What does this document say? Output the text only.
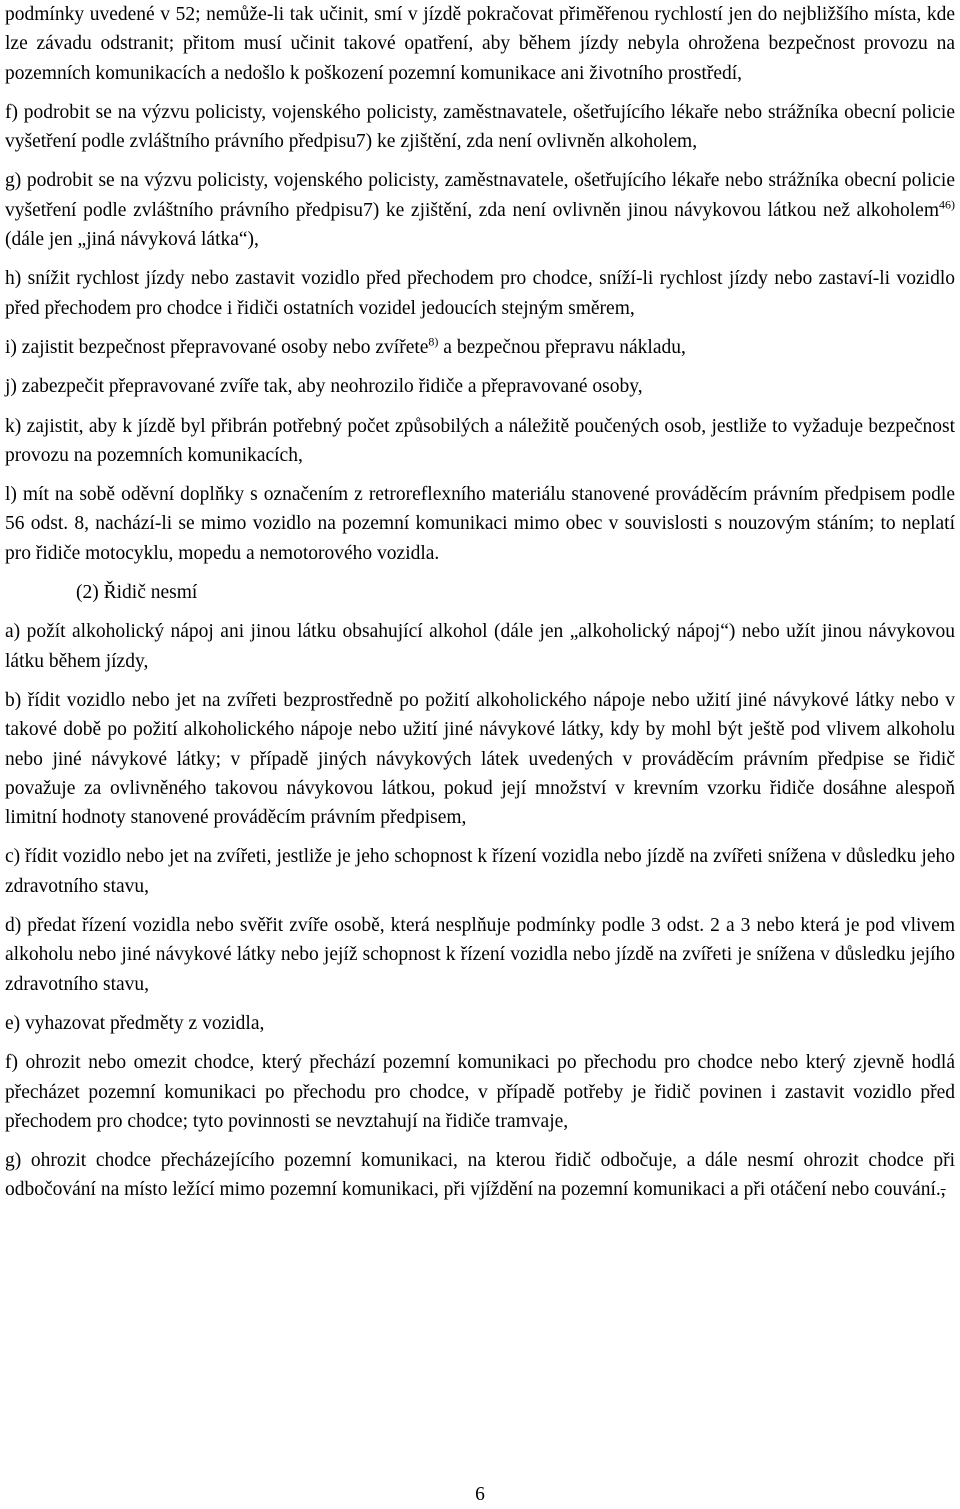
podmínky uvedené v 52; nemůže-li tak učinit, smí v jízdě pokračovat přiměřenou rychlostí jen do nejbližšího místa, kde lze závadu odstranit; přitom musí učinit takové opatření, aby během jízdy nebyla ohrožena bezpečnost provozu na pozemních komunikacích a nedošlo k poškození pozemní komunikace ani životního prostředí,

f) podrobit se na výzvu policisty, vojenského policisty, zaměstnavatele, ošetřujícího lékaře nebo strážníka obecní policie vyšetření podle zvláštního právního předpisu7) ke zjištění, zda není ovlivněn alkoholem,

g) podrobit se na výzvu policisty, vojenského policisty, zaměstnavatele, ošetřujícího lékaře nebo strážníka obecní policie vyšetření podle zvláštního právního předpisu7) ke zjištění, zda není ovlivněn jinou návykovou látkou než alkoholem$^{46)}$ (dále jen „jiná návyková látka“),

h) snížit rychlost jízdy nebo zastavit vozidlo před přechodem pro chodce, sníží-li rychlost jízdy nebo zastaví-li vozidlo před přechodem pro chodce i řidiči ostatních vozidel jedoucích stejným směrem,

i) zajistit bezpečnost přepravované osoby nebo zvířete$^{8)}$ a bezpečnou přepravu nákladu,

j) zabezpečit přepravované zvíře tak, aby neohrozilo řidiče a přepravované osoby,

k) zajistit, aby k jízdě byl přibrán potřebný počet způsobilých a náležitě poučených osob, jestliže to vyžaduje bezpečnost provozu na pozemních komunikacích,

l) mít na sobě oděvní doplňky s označením z retroreflexního materiálu stanovené prováděcím právním předpisem podle 56 odst. 8, nachází-li se mimo vozidlo na pozemní komunikaci mimo obec v souvislosti s nouzovým stáním; to neplatí pro řidiče motocyklu, mopedu a nemotorového vozidla.

(2) Řidič nesmí

a) požít alkoholický nápoj ani jinou látku obsahující alkohol (dále jen „alkoholický nápoj“) nebo užít jinou návykovou látku během jízdy,

b) řídit vozidlo nebo jet na zvířeti bezprostředně po požití alkoholického nápoje nebo užití jiné návykové látky nebo v takové době po požití alkoholického nápoje nebo užití jiné návykové látky, kdy by mohl být ještě pod vlivem alkoholu nebo jiné návykové látky; v případě jiných návykových látek uvedených v prováděcím právním předpise se řidič považuje za ovlivněného takovou návykovou látkou, pokud její množství v krevním vzorku řidiče dosáhne alespoň limitní hodnoty stanovené prováděcím právním předpisem,

c) řídit vozidlo nebo jet na zvířeti, jestliže je jeho schopnost k řízení vozidla nebo jízdě na zvířeti snížena v důsledku jeho zdravotního stavu,

d) předat řízení vozidla nebo svěřit zvíře osobě, která nesplňuje podmínky podle 3 odst. 2 a 3 nebo která je pod vlivem alkoholu nebo jiné návykové látky nebo jejíž schopnost k řízení vozidla nebo jízdě na zvířeti je snížena v důsledku jejího zdravotního stavu,

e) vyhazovat předměty z vozidla,

f) ohrozit nebo omezit chodce, který přechází pozemní komunikaci po přechodu pro chodce nebo který zjevně hodlá přecházet pozemní komunikaci po přechodu pro chodce, v případě potřeby je řidič povinen i zastavit vozidlo před přechodem pro chodce; tyto povinnosti se nevztahují na řidiče tramvaje,

g) ohrozit chodce přecházejícího pozemní komunikaci, na kterou řidič odbočuje, a dále nesmí ohrozit chodce při odbočování na místo ležící mimo pozemní komunikaci, při vjíždění na pozemní komunikaci a při otáčení nebo couvání.,

6
